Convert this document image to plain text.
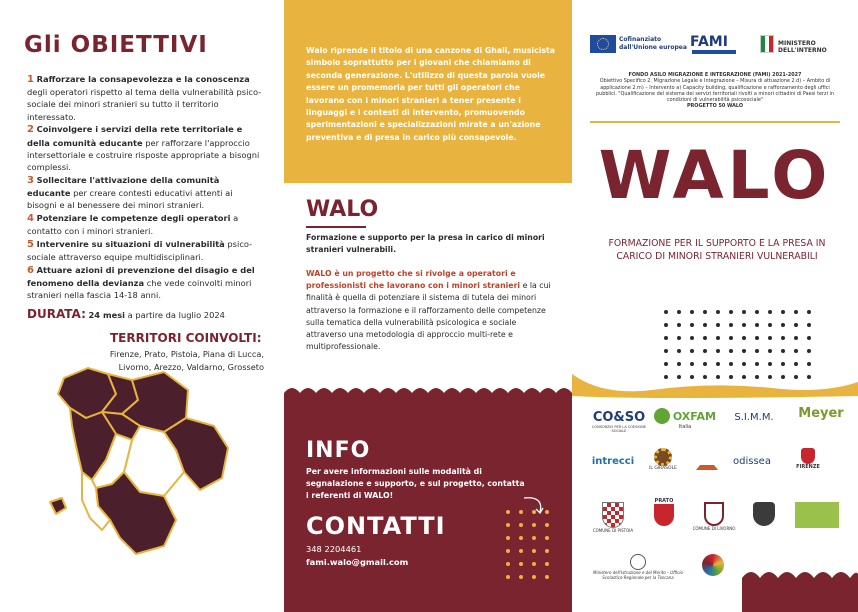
Gli OBIETTIVI

1 Rafforzare la consapevolezza e la conoscenza degli operatori rispetto al tema della vulnerabilità psico-sociale dei minori stranieri su tutto il territorio interessato.

2 Coinvolgere i servizi della rete territoriale e della comunità educante per rafforzare l'approccio intersettoriale e costruire risposte appropriate a bisogni complessi.

3 Sollecitare l'attivazione della comunità educante per creare contesti educativi attenti ai bisogni e al benessere dei minori stranieri.

4 Potenziare le competenze degli operatori a contatto con i minori stranieri.

5 Intervenire su situazioni di vulnerabilità psico-sociale attraverso equipe multidisciplinari.

6 Attuare azioni di prevenzione del disagio e del fenomeno della devianza che vede coinvolti minori stranieri nella fascia 14-18 anni.

DURATA: 24 mesi a partire da luglio 2024
TERRITORI COINVOLTI:
Firenze, Prato, Pistoia, Piana di Lucca,
Livorno, Arezzo, Valdarno, Grosseto

Walo riprende il titolo di una canzone di Ghali, musicista simbolo soprattutto per i giovani che chiamiamo di seconda generazione. L'utilizzo di questa parola vuole essere un promemoria per tutti gli operatori che lavorano con i minori stranieri a tener presente i linguaggi e i contesti di intervento, promuovendo sperimentazioni e specializzazioni mirate a un'azione preventiva e di presa in carico più consapevole.

WALO

Formazione e supporto per la presa in carico di minori stranieri vulnerabili.

WALO è un progetto che si rivolge a operatori e professionisti che lavorano con i minori stranieri e la cui finalità è quella di potenziare il sistema di tutela dei minori attraverso la formazione e il rafforzamento delle competenze sulla tematica della vulnerabilità psicologica e sociale attraverso una metodologia di approccio multi-rete e multiprofessionale.

INFO

Per avere informazioni sulle modalità di segnalazione e supporto, e sul progetto, contatta i referenti di WALO!

CONTATTI
348 2204461
fami.walo@gmail.com
Cofinanziato
dall'Unione europea FAMI	MINISTERO
DELL'INTERNO
FONDO ASILO MIGRAZIONE E INTEGRAZIONE (FAMI) 2021-2027
Obiettivo Specifico 2. Migrazione Legale e Integrazione – Misura di attuazione 2.d) – Ambito di applicazione 2.m) – Intervento a) Capacity building, qualificazione e rafforzamento degli uffici pubblici. "Qualificazione del sistema dei servizi territoriali rivolti a minori cittadini di Paesi terzi in condizioni di vulnerabilità psicosociale"
PROGETTO 50 WALO
WALO

FORMAZIONE PER IL SUPPORTO E LA PRESA IN CARICO DI MINORI STRANIERI VULNERABILI

CO&SO
CONSORZIO PER LA COESIONE SOCIALE
OXFAM
Italia
S.I.M.M.	Meyer
intrecci
IL GIRASOLE
odissea	FIRENZE
COMUNE DI PISTOIA
PRATO
COMUNE DI LIVORNO
Ministero dell'Istruzione e del Merito – Ufficio Scolastico Regionale per la Toscana
